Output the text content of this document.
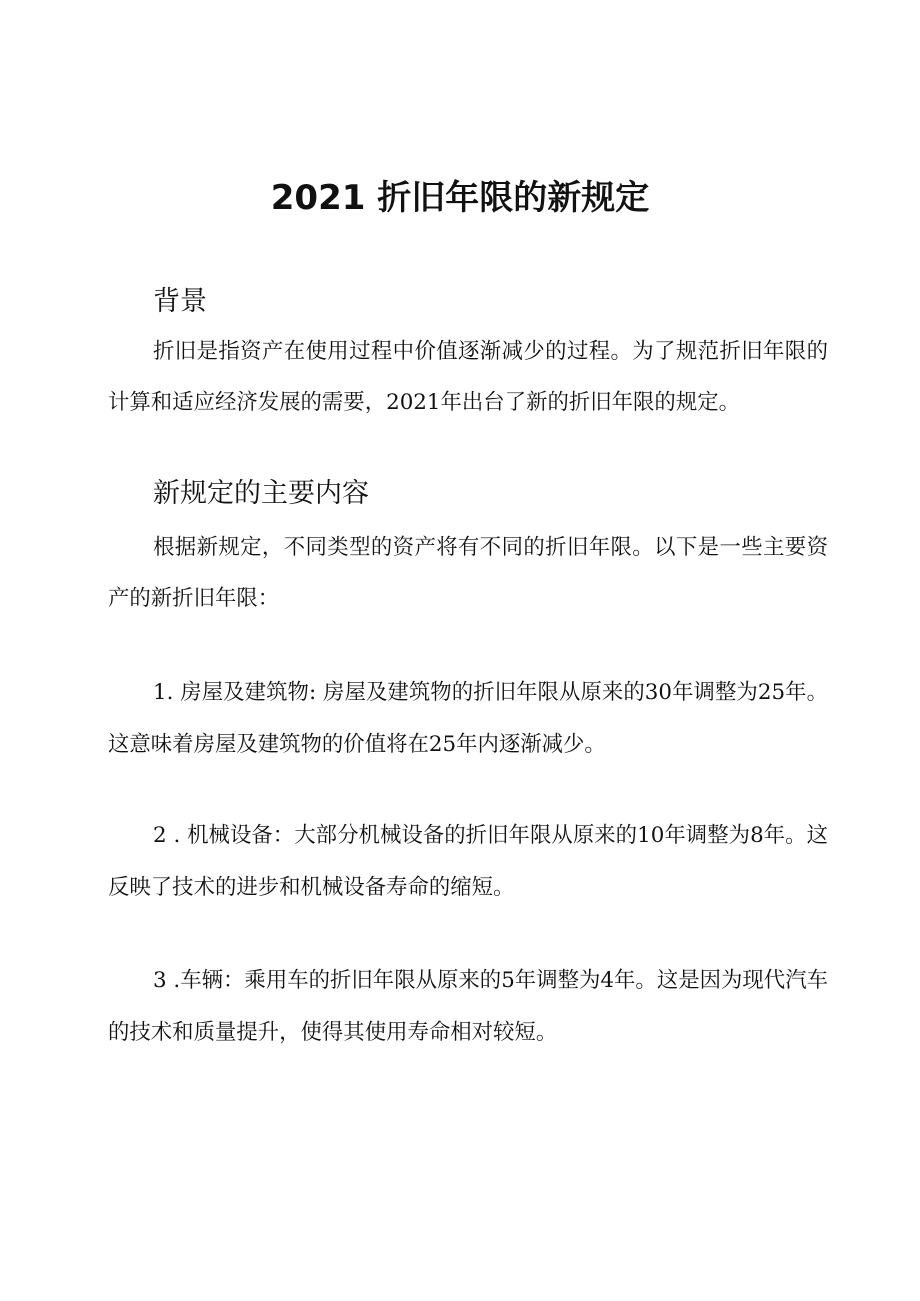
2021 折旧年限的新规定
背景

折旧是指资产在使用过程中价值逐渐减少的过程。为了规范折旧年限的计算和适应经济发展的需要，2021年出台了新的折旧年限的规定。

新规定的主要内容

根据新规定，不同类型的资产将有不同的折旧年限。以下是一些主要资产的新折旧年限：

1. 房屋及建筑物: 房屋及建筑物的折旧年限从原来的30年调整为25年。这意味着房屋及建筑物的价值将在25年内逐渐减少。

2 . 机械设备：大部分机械设备的折旧年限从原来的10年调整为8年。这反映了技术的进步和机械设备寿命的缩短。

3 .车辆：乘用车的折旧年限从原来的5年调整为4年。这是因为现代汽车的技术和质量提升，使得其使用寿命相对较短。
